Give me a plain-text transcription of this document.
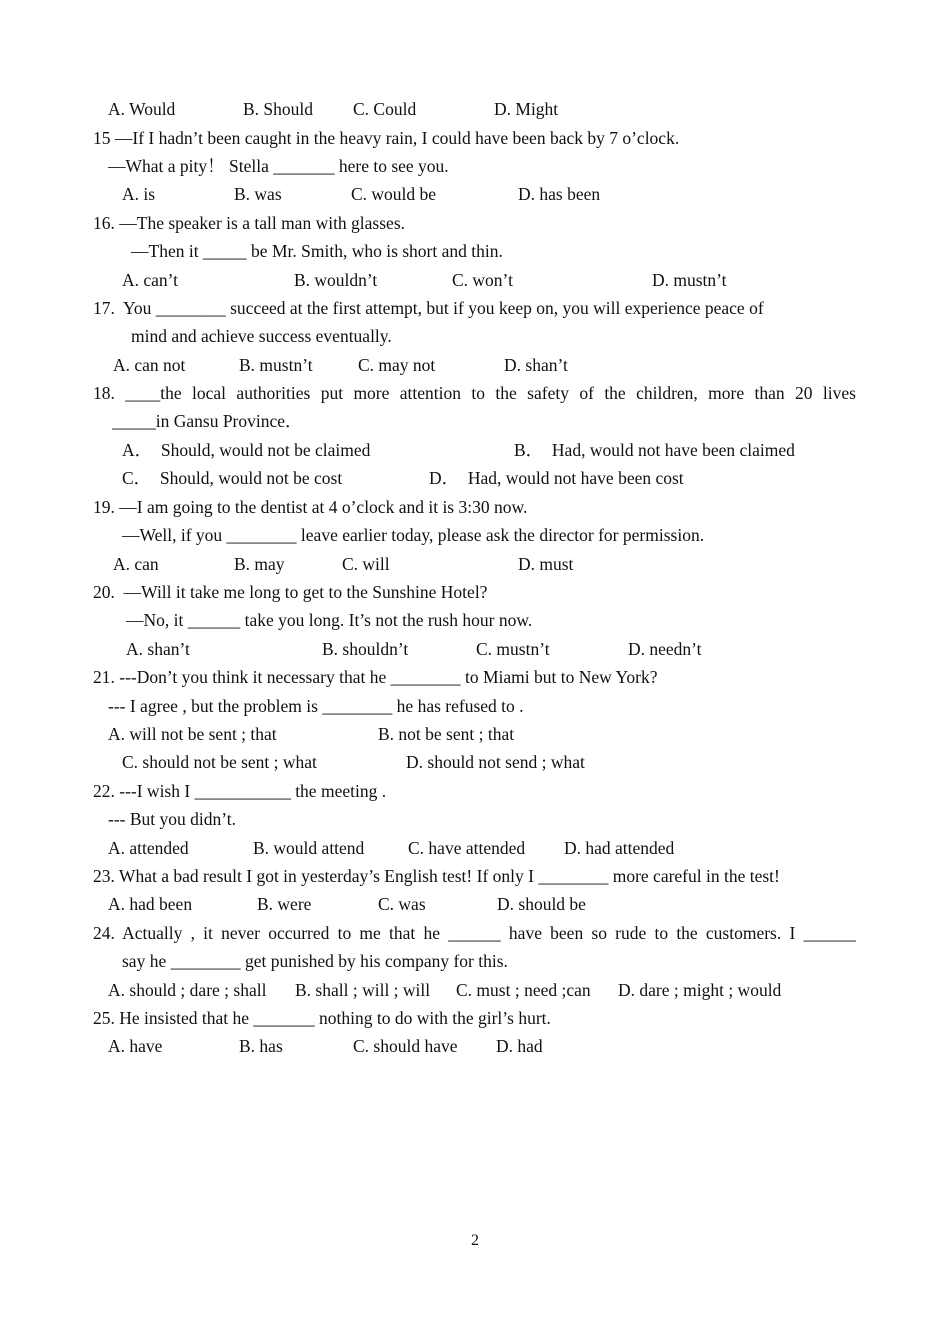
A. Would

	B. Should

C. Could

	D. Might

15 —If I hadn’t been caught in the heavy rain, I could have been back by 7 o’clock.
—What a pity！ Stella _______ here to see you.

A. is

	B. was

	C. would be

	D. has been

16. —The speaker is a tall man with glasses.
—Then it _____ be Mr. Smith, who is short and thin.

A. can’t

	B. wouldn’t

	C. won’t

	D. mustn’t

17.  You ________ succeed at the first attempt, but if you keep on, you will experience peace of
mind and achieve success eventually.

A. can not

	B. mustn’t

	C. may not

	D. shan’t

18. ____the local authorities put more attention to the safety of the children, more than 20 lives
_____in Gansu Province．

A．  Should, would not be claimed

	B．  Had, would not have been claimed

C．  Should, would not be cost

	D．  Had, would not have been cost

19. —I am going to the dentist at 4 o’clock and it is 3:30 now.
—Well, if you ________ leave earlier today, please ask the director for permission.

A. can

	B. may

	C. will

	D. must

20.  —Will it take me long to get to the Sunshine Hotel?
—No, it ______ take you long. It’s not the rush hour now.

A. shan’t

	B. shouldn’t

	C. mustn’t

	D. needn’t

21. ---Don’t you think it necessary that he ________ to Miami but to New York?
--- I agree , but the problem is ________ he has refused to .

A. will not be sent ; that

	B. not be sent ; that

C. should not be sent ; what

	D. should not send ; what

22. ---I wish I ___________ the meeting .
--- But you didn’t.

A. attended

	B. would attend

C. have attended

D. had attended

23. What a bad result I got in yesterday’s English test! If only I ________ more careful in the test!

A. had been

	B. were

	C. was

	D. should be

24. Actually , it never occurred to me that he ______ have been so rude to the customers. I ______
say he ________ get punished by his company for this.

A. should ; dare ; shall

B. shall ; will ; will

C. must ; need ;can

D. dare ; might ; would

25. He insisted that he _______ nothing to do with the girl’s hurt.

A. have

	B. has

	C. should have

D. had

2
